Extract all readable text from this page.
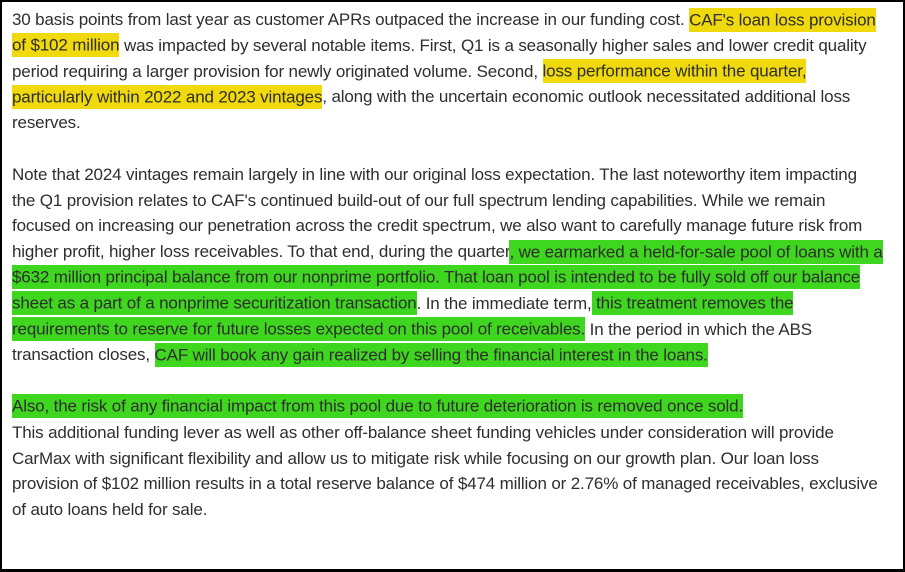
30 basis points from last year as customer APRs outpaced the increase in our funding cost. CAF's loan loss provision of $102 million was impacted by several notable items. First, Q1 is a seasonally higher sales and lower credit quality period requiring a larger provision for newly originated volume. Second, loss performance within the quarter, particularly within 2022 and 2023 vintages, along with the uncertain economic outlook necessitated additional loss reserves.

Note that 2024 vintages remain largely in line with our original loss expectation. The last noteworthy item impacting the Q1 provision relates to CAF's continued build-out of our full spectrum lending capabilities. While we remain focused on increasing our penetration across the credit spectrum, we also want to carefully manage future risk from higher profit, higher loss receivables. To that end, during the quarter, we earmarked a held-for-sale pool of loans with a $632 million principal balance from our nonprime portfolio. That loan pool is intended to be fully sold off our balance sheet as a part of a nonprime securitization transaction. In the immediate term, this treatment removes the requirements to reserve for future losses expected on this pool of receivables. In the period in which the ABS transaction closes, CAF will book any gain realized by selling the financial interest in the loans.

Also, the risk of any financial impact from this pool due to future deterioration is removed once sold.
This additional funding lever as well as other off-balance sheet funding vehicles under consideration will provide CarMax with significant flexibility and allow us to mitigate risk while focusing on our growth plan. Our loan loss provision of $102 million results in a total reserve balance of $474 million or 2.76% of managed receivables, exclusive of auto loans held for sale.
